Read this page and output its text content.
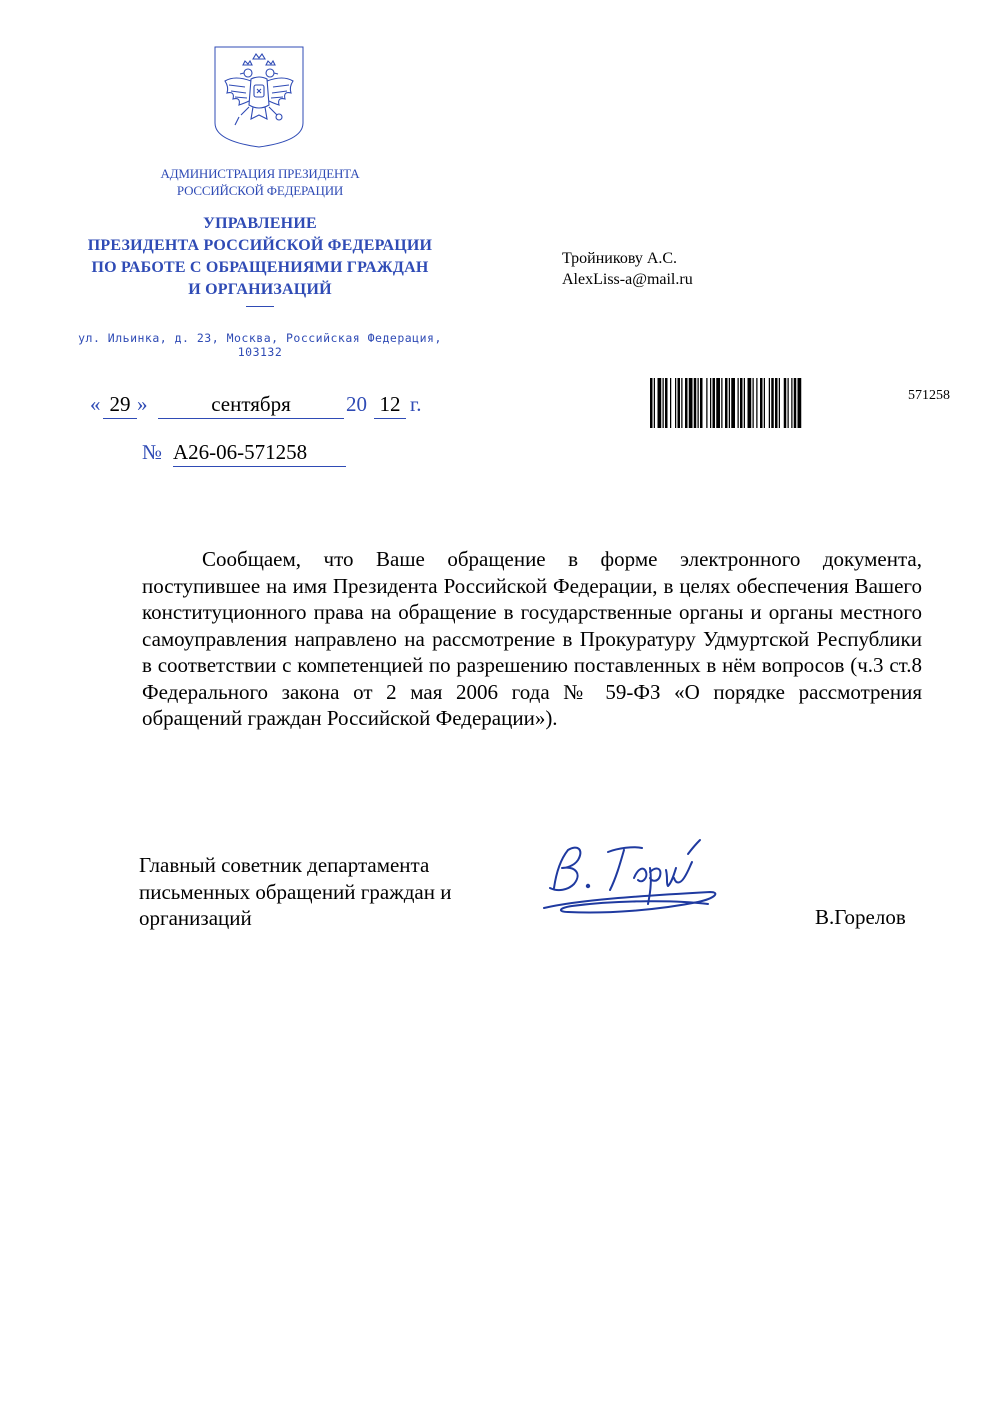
АДМИНИСТРАЦИЯ ПРЕЗИДЕНТА
РОССИЙСКОЙ ФЕДЕРАЦИИ
УПРАВЛЕНИЕ
ПРЕЗИДЕНТА РОССИЙСКОЙ ФЕДЕРАЦИИ
ПО РАБОТЕ С ОБРАЩЕНИЯМИ ГРАЖДАН
И ОРГАНИЗАЦИЙ
ул. Ильинка, д. 23, Москва, Российская Федерация, 103132
Тройникову А.С.
AlexLiss-a@mail.ru
« 29 »	сентября	20 12 г.
№ А26-06-571258
571258
Сообщаем, что Ваше обращение в форме электронного документа, поступившее на имя Президента Российской Федерации, в целях обеспечения Вашего конституционного права на обращение в государственные органы и органы местного самоуправления направлено на рассмотрение в Прокуратуру Удмуртской Республики в соответствии с компетенцией по разрешению поставленных в нём вопросов (ч.3 ст.8 Федерального закона от 2 мая 2006 года № 59-ФЗ «О порядке рассмотрения обращений граждан Российской Федерации»).
Главный советник департамента
письменных обращений граждан и
организаций	В.Горелов
